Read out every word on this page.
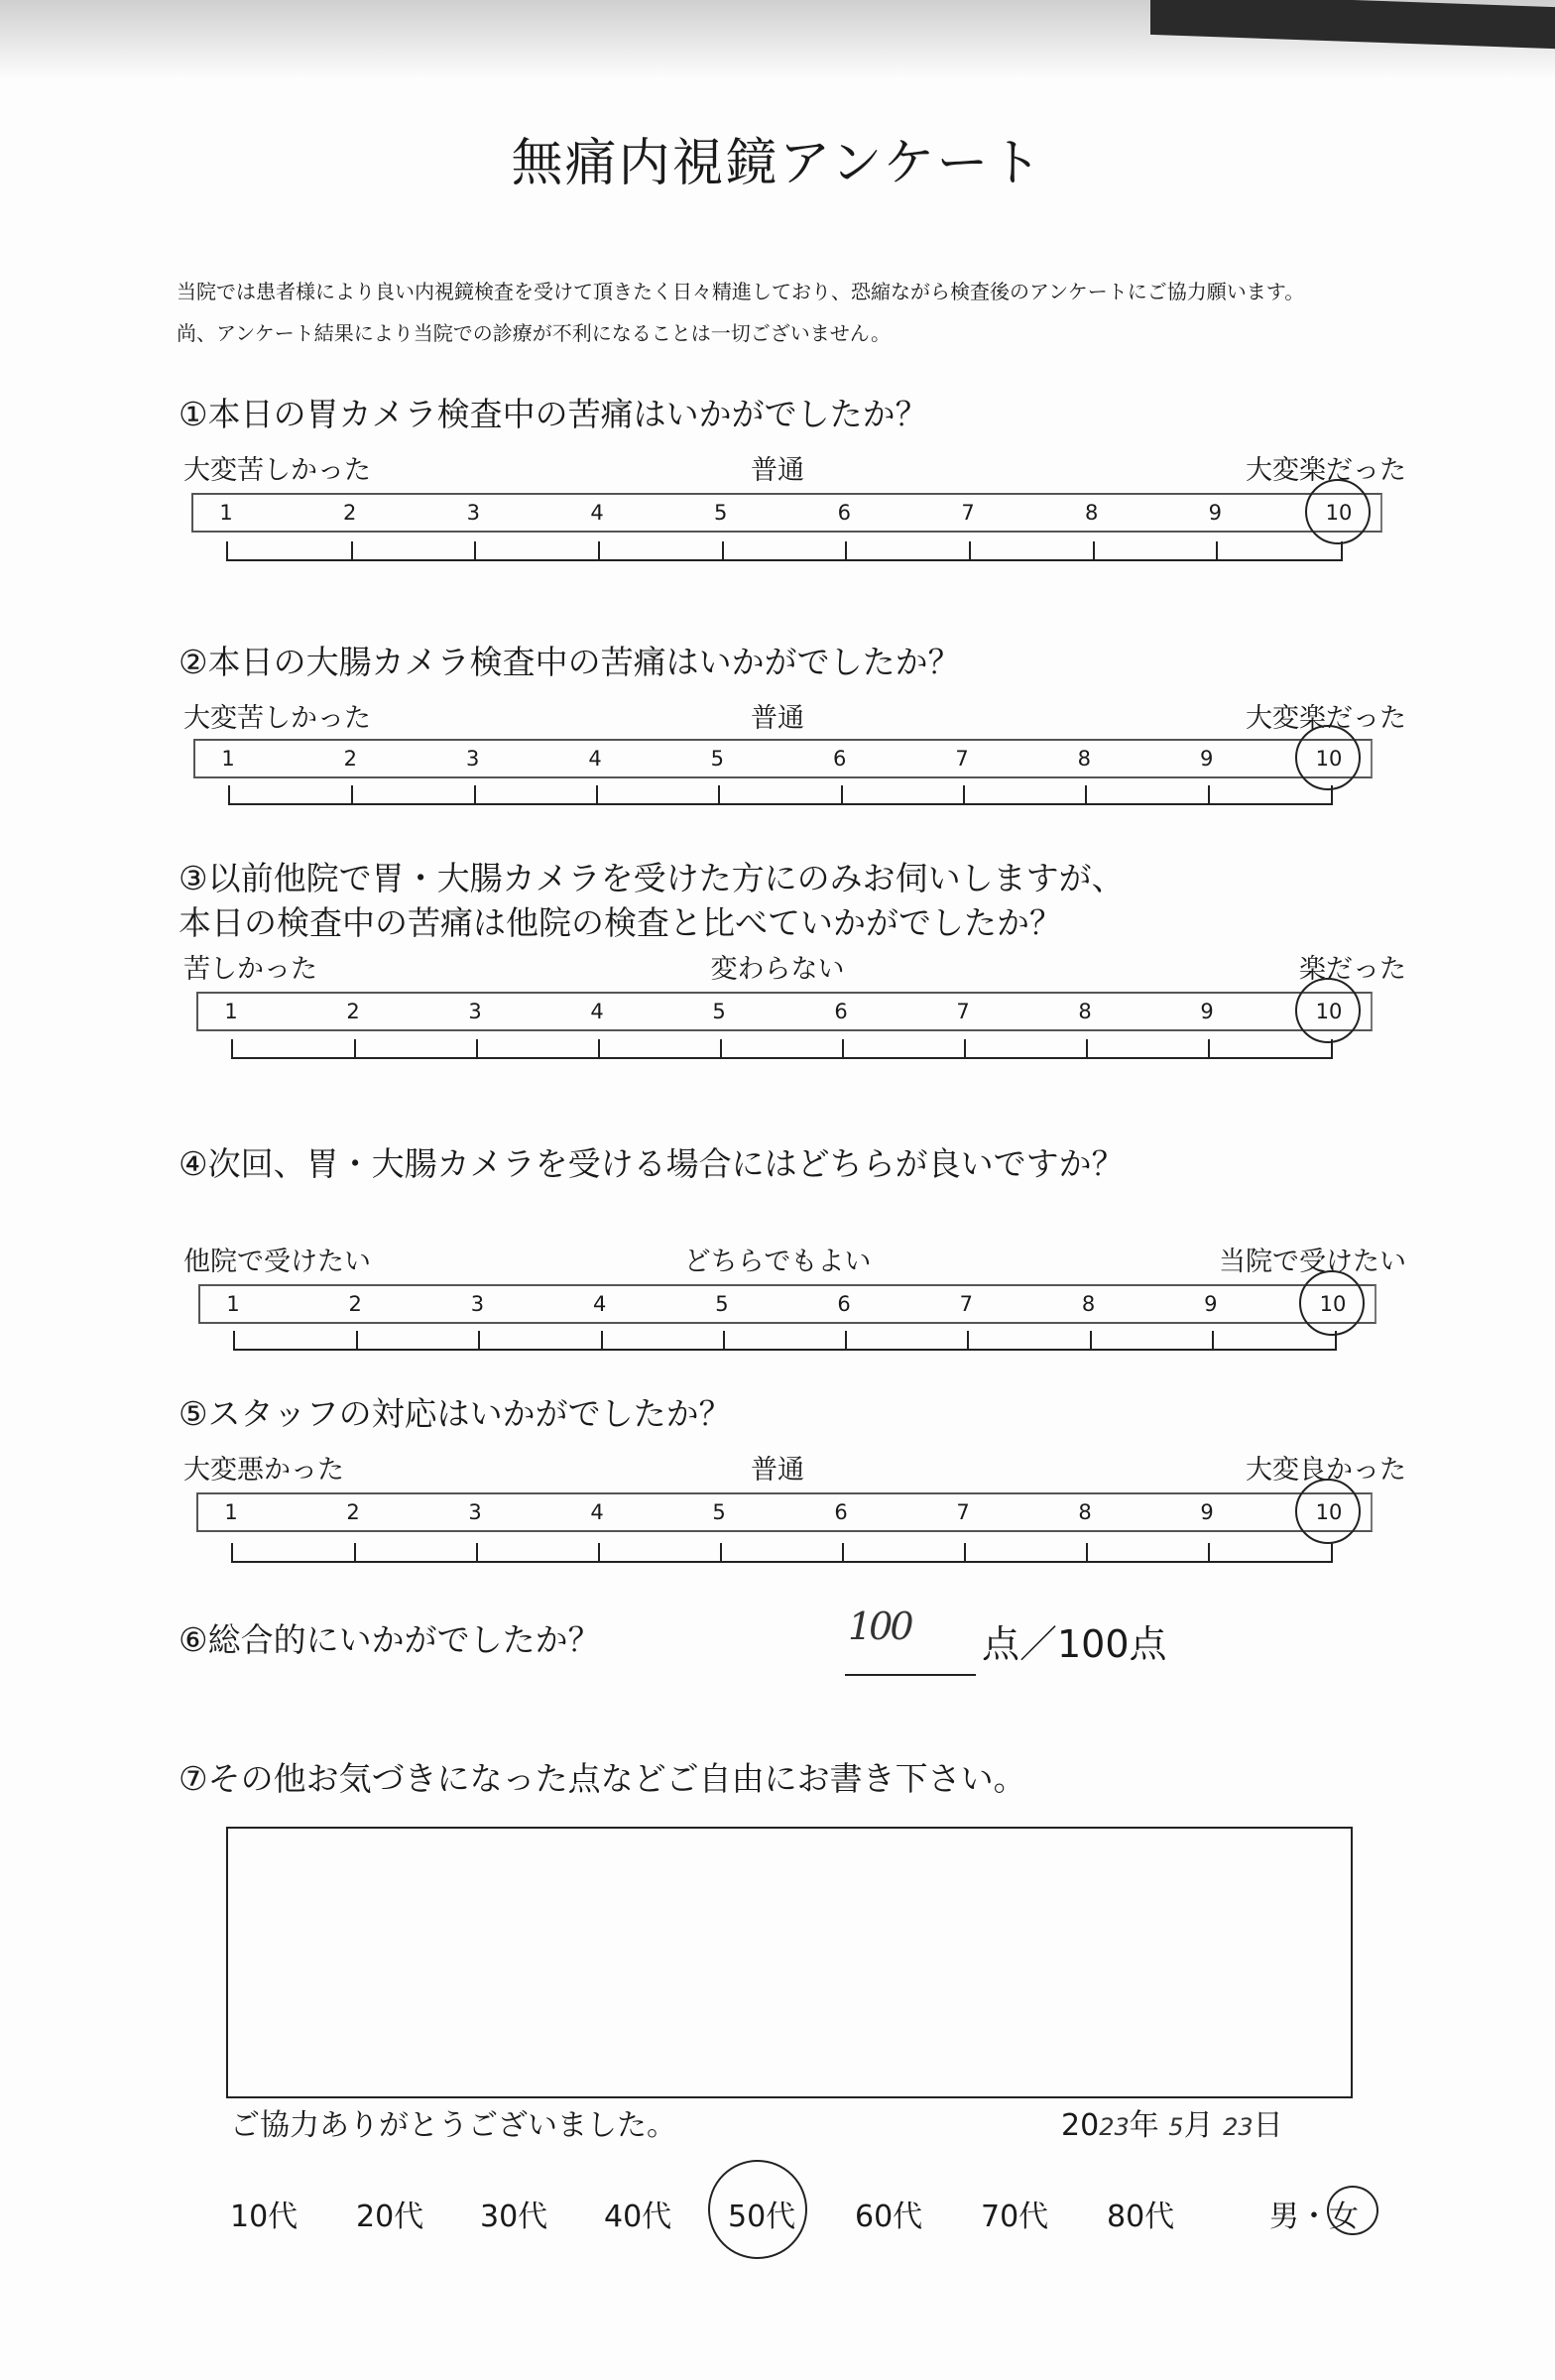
無痛内視鏡アンケート
当院では患者様により良い内視鏡検査を受けて頂きたく日々精進しており、恐縮ながら検査後のアンケートにご協力願います。
尚、アンケート結果により当院での診療が不利になることは一切ございません。
①本日の胃カメラ検査中の苦痛はいかがでしたか？
大変苦しかった	普通	大変楽だった
1	2	3	4	5	6	7	8	9	10
②本日の大腸カメラ検査中の苦痛はいかがでしたか？
大変苦しかった	普通	大変楽だった
1	2	3	4	5	6	7	8	9	10
③以前他院で胃・大腸カメラを受けた方にのみお伺いしますが、
本日の検査中の苦痛は他院の検査と比べていかがでしたか？
苦しかった	変わらない	楽だった
1	2	3	4	5	6	7	8	9	10
④次回、胃・大腸カメラを受ける場合にはどちらが良いですか？
他院で受けたい	どちらでもよい	当院で受けたい
1	2	3	4	5	6	7	8	9	10
⑤スタッフの対応はいかがでしたか？
大変悪かった	普通	大変良かった
1	2	3	4	5	6	7	8	9	10
⑥総合的にいかがでしたか？	100 点／100点
⑦その他お気づきになった点などご自由にお書き下さい。
ご協力ありがとうございました。	2023年 5月 23日
10代 20代 30代 40代 50代 60代 70代 80代	男・女
